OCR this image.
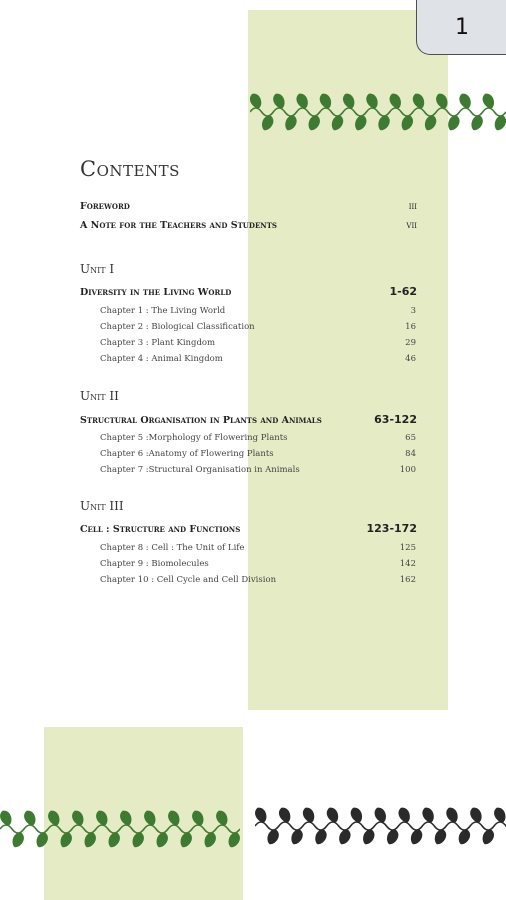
1
Contents
Foreword	iii
A Note for the Teachers and Students	vii
Unit I
Diversity in the Living World	1-62
Chapter 1 : The Living World	3
Chapter 2 : Biological Classification	16
Chapter 3 : Plant Kingdom	29
Chapter 4 : Animal Kingdom	46
Unit II
Structural Organisation in Plants and Animals	63-122
Chapter 5 :Morphology of Flowering Plants	65
Chapter 6 :Anatomy of Flowering Plants	84
Chapter 7 :Structural Organisation in Animals	100
Unit III
Cell : Structure and Functions	123-172
Chapter 8 : Cell : The Unit of Life	125
Chapter 9 : Biomolecules	142
Chapter 10 : Cell Cycle and Cell Division	162
